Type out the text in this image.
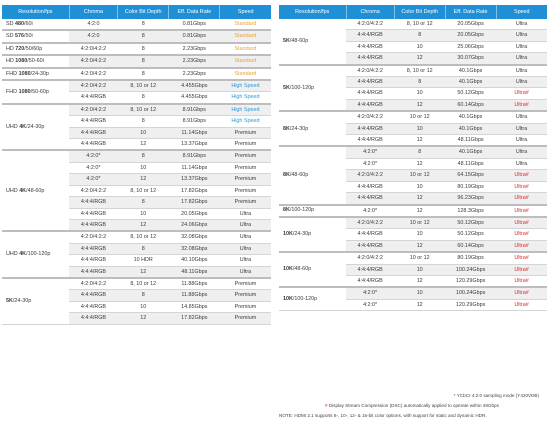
Resolution/fps	Chroma	Color Bit Depth	Eff. Data Rate	Speed
SD 480/60i	4:2:0	8	0.81Gbps	Standard
SD 576/50i	4:2:0	8	0.81Gbps	Standard
HD 720/50/60p	4:2:0/4:2:2	8	2.23Gbps	Standard
HD 1080/50-60i	4:2:0/4:2:2	8	2.23Gbps	Standard
FHD 1080/24-30p	4:2:0/4:2:2	8	2.23Gbps	Standard
FHD 1080/50-60p	4:2:0/4:2:2	8, 10 or 12	4.455Gbps	High Speed
	4:4:4/RGB	8	4.455Gbps	High Speed
UHD 4K/24-30p	4:2:0/4:2:2	8, 10 or 12	8.91Gbps	High Speed
	4:4:4/RGB	8	8.91Gbps	High Speed
	4:4:4/RGB	10	11.14Gbps	Premium
	4:4:4/RGB	12	13.37Gbps	Premium
UHD 4K/48-60p	4:2:0*	8	8.91Gbps	Premium
	4:2:0*	10	11.14Gbps	Premium
	4:2:0*	12	13.37Gbps	Premium
	4:2:0/4:2:2	8, 10 or 12	17.82Gbps	Premium
	4:4:4/RGB	8	17.82Gbps	Premium
	4:4:4/RGB	10	20.05Gbps	Ultra
	4:4:4/RGB	12	24.06Gbps	Ultra
UHD 4K/100-120p	4:2:0/4:2:2	8, 10 or 12	32.08Gbps	Ultra
	4:4:4/RGB	8	32.08Gbps	Ultra
	4:4:4/RGB	10 HDR	40.10Gbps	Ultra
	4:4:4/RGB	12	48.11Gbps	Ultra
5K/24-30p	4:2:0/4:2:2	8, 10 or 12	11.88Gbps	Premium
	4:4:4/RGB	8	11.88Gbps	Premium
	4:4:4/RGB	10	14.85Gbps	Premium
	4:4:4/RGB	12	17.82Gbps	Premium
Resolution/fps	Chroma	Color Bit Depth	Eff. Data Rate	Speed
5K/48-60p	4:2:0/4:2:2	8, 10 or 12	20.05Gbps	Ultra
	4:4:4/RGB	8	20.05Gbps	Ultra
	4:4:4/RGB	10	25.06Gbps	Ultra
	4:4:4/RGB	12	30.07Gbps	Ultra
5K/100-120p	4:2:0/4:2:2	8, 10 or 12	40.1Gbps	Ultra
	4:4:4/RGB	8	40.1Gbps	Ultra
	4:4:4/RGB	10	50.12Gbps	Ultra#
	4:4:4/RGB	12	60.14Gbps	Ultra#
8K/24-30p	4:2:0/4:2:2	10 or 12	40.1Gbps	Ultra
	4:4:4/RGB	10	40.1Gbps	Ultra
	4:4:4/RGB	12	48.11Gbps	Ultra
8K/48-60p	4:2:0*	8	40.1Gbps	Ultra
	4:2:0*	12	48.11Gbps	Ultra
	4:2:0/4:2:2	10 or 12	64.15Gbps	Ultra#
	4:4:4/RGB	10	80.19Gbps	Ultra#
	4:4:4/RGB	12	96.23Gbps	Ultra#
8K/100-120p	4:2:0*	12	128.3Gbps	Ultra#
10K/24-30p	4:2:0/4:2:2	10 or 12	50.12Gbps	Ultra#
	4:4:4/RGB	10	50.12Gbps	Ultra#
	4:4:4/RGB	12	60.14Gbps	Ultra#
10K/48-60p	4:2:0/4:2:2	10 or 12	80.19Gbps	Ultra#
	4:4:4/RGB	10	100.24Gbps	Ultra#
	4:4:4/RGB	12	120.29Gbps	Ultra#
10K/100-120p	4:2:0*	10	100.24Gbps	Ultra#
	4:2:0*	12	120.29Gbps	Ultra#
* YCbCr 4:2:0 sampling mode (Y420VDB)
# Display Stream Compression (DSC) automatically applied to operate within 48Gbps
NOTE: HDMI 2.1 supports 8-, 10-, 12- & 16-bit color options, with support for static and dynamic HDR.
